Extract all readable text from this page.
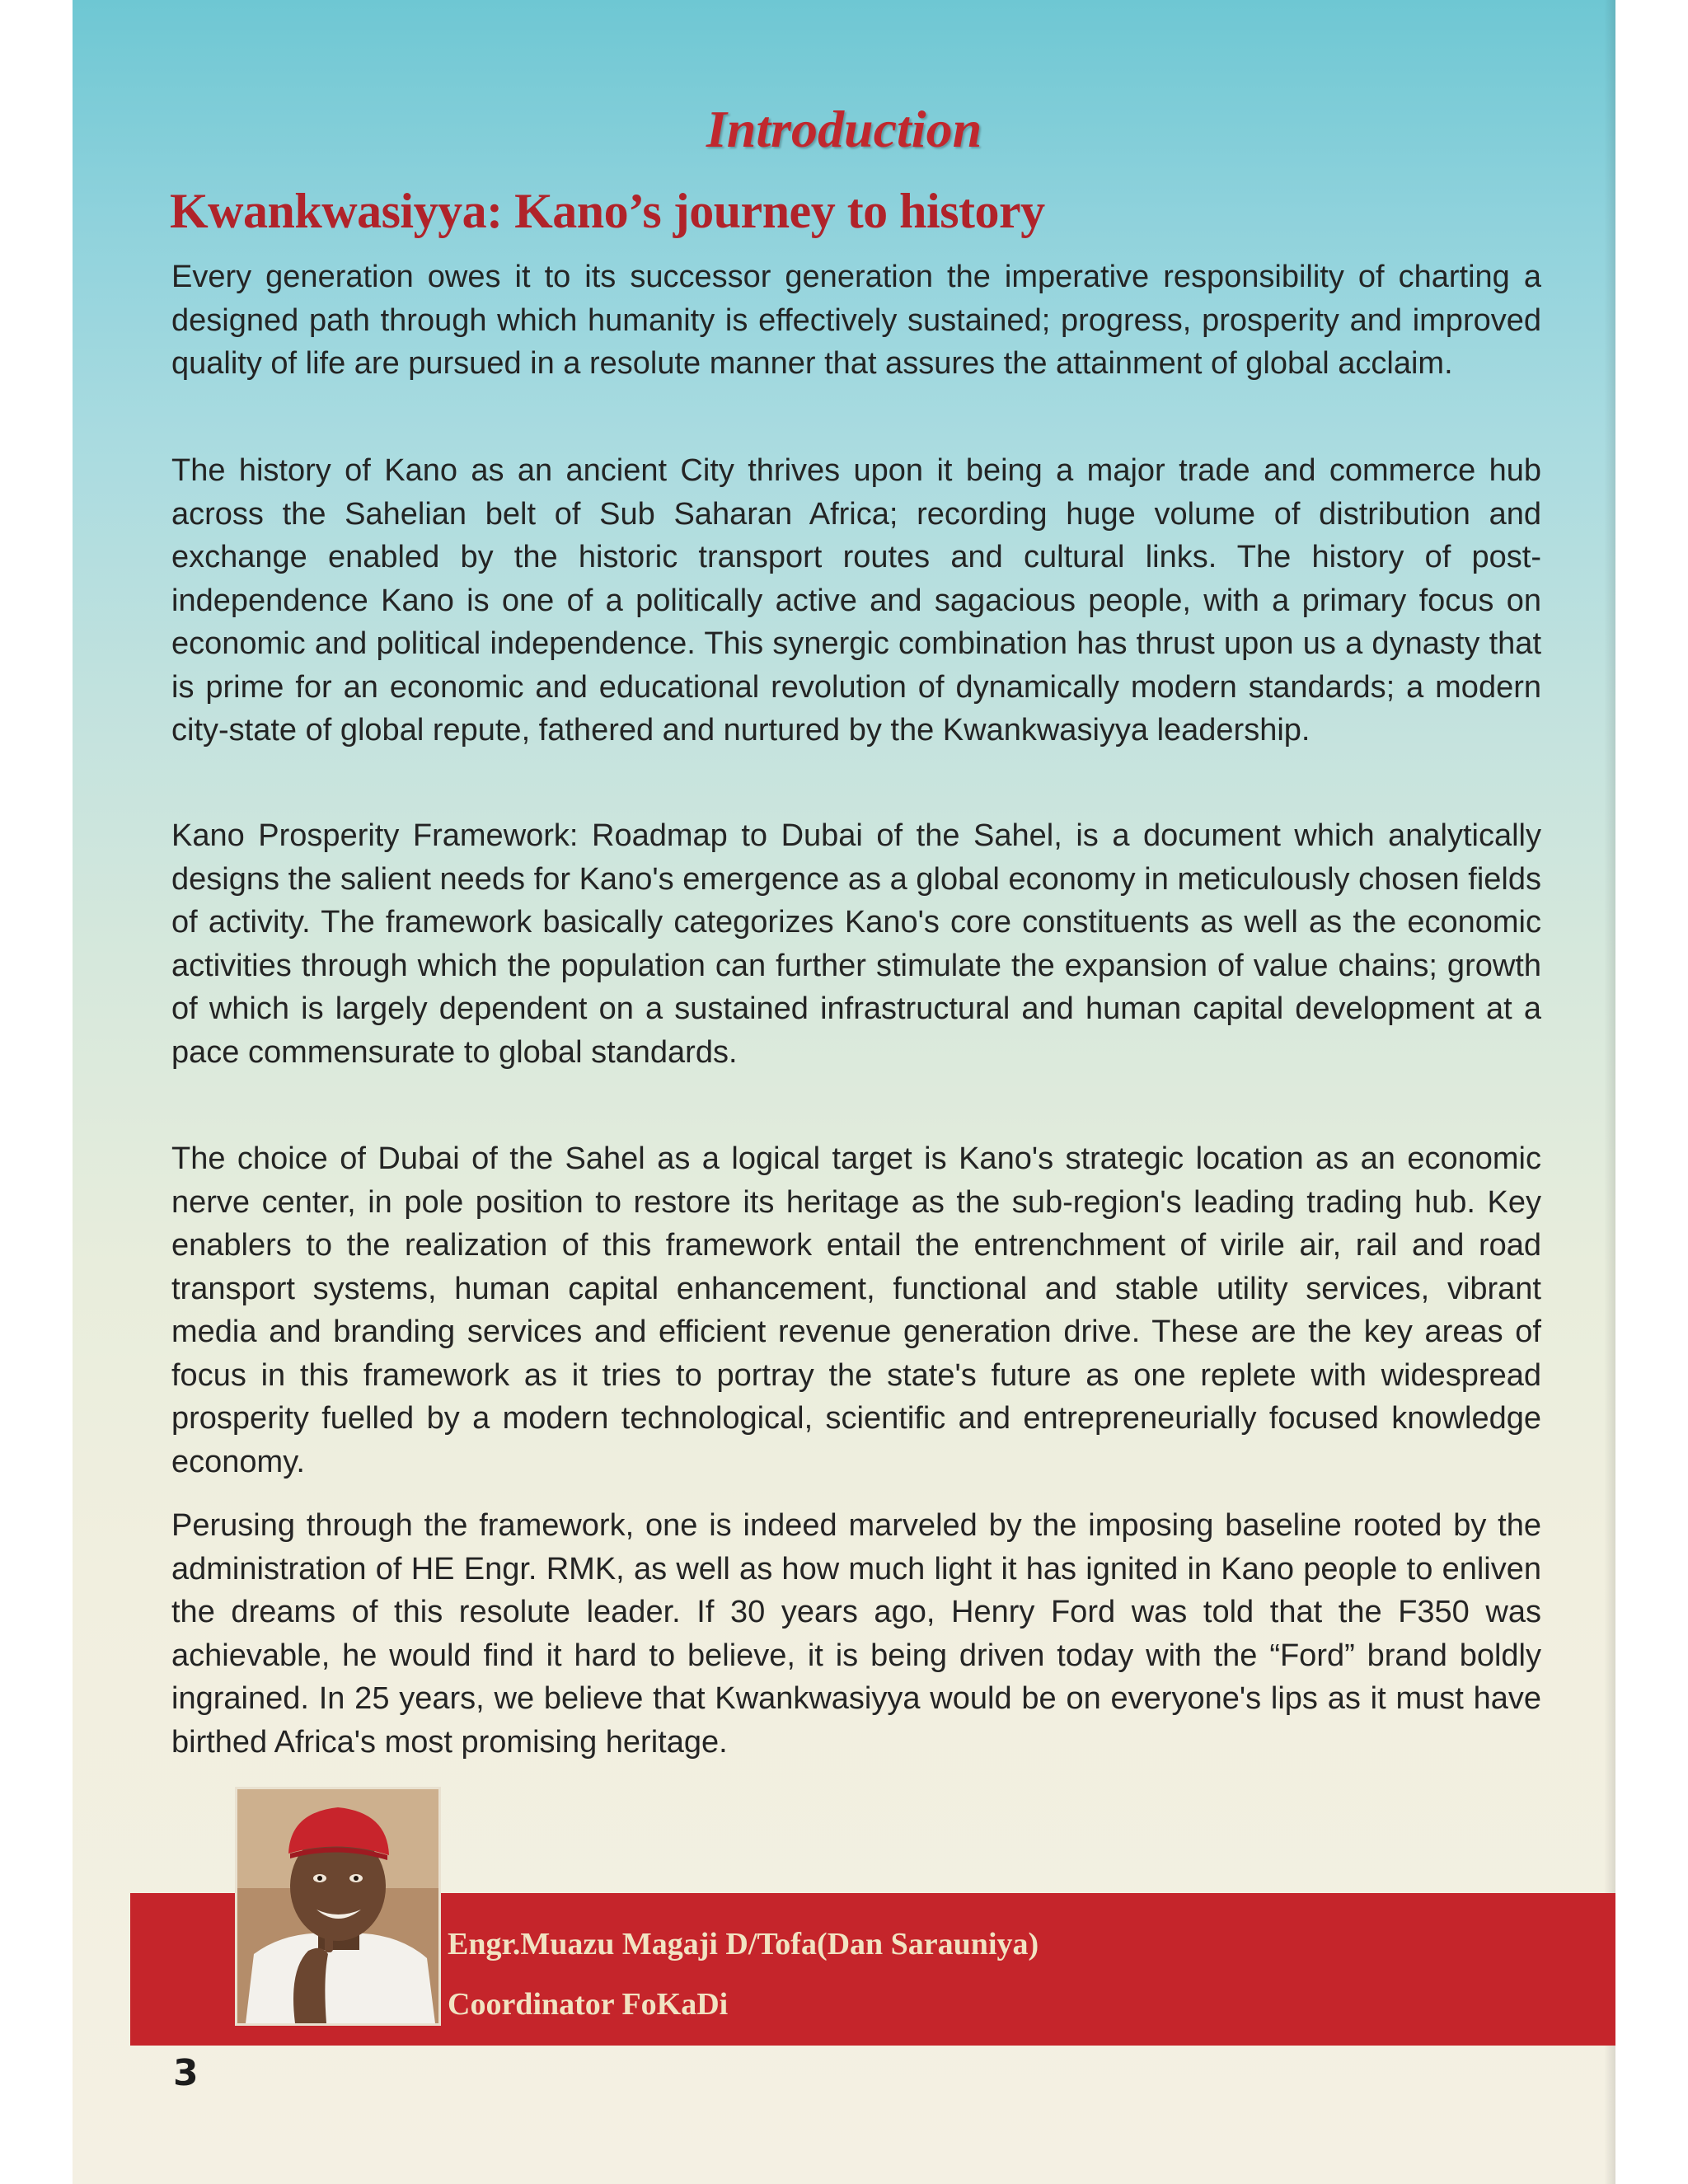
Introduction
Kwankwasiyya: Kano’s journey to history

Every generation owes it to its successor generation the imperative responsibility of charting a designed path through which humanity is effectively sustained; progress, prosperity and improved quality of life are pursued in a resolute manner that assures the attainment of global acclaim.

The history of Kano as an ancient City thrives upon it being a major trade and commerce hub across the Sahelian belt of Sub Saharan Africa; recording huge volume of distribution and exchange enabled by the historic transport routes and cultural links. The history of post-independence Kano is one of a politically active and sagacious people, with a primary focus on economic and political independence. This synergic combination has thrust upon us a dynasty that is prime for an economic and educational revolution of dynamically modern standards; a modern city-state of global repute, fathered and nurtured by the Kwankwasiyya leadership.

Kano Prosperity Framework: Roadmap to Dubai of the Sahel, is a document which analytically designs the salient needs for Kano's emergence as a global economy in meticulously chosen fields of activity. The framework basically categorizes Kano's core constituents as well as the economic activities through which the population can further stimulate the expansion of value chains; growth of which is largely dependent on a sustained infrastructural and human capital development at a pace commensurate to global standards.

The choice of Dubai of the Sahel as a logical target is Kano's strategic location as an economic nerve center, in pole position to restore its heritage as the sub-region's leading trading hub. Key enablers to the realization of this framework entail the entrenchment of virile air, rail and road transport systems, human capital enhancement, functional and stable utility services, vibrant media and branding services and efficient revenue generation drive. These are the key areas of focus in this framework as it tries to portray the state's future as one replete with widespread prosperity fuelled by a modern technological, scientific and entrepreneurially focused knowledge economy.

Perusing through the framework, one is indeed marveled by the imposing baseline rooted by the administration of HE Engr. RMK, as well as how much light it has ignited in Kano people to enliven the dreams of this resolute leader. If 30 years ago, Henry Ford was told that the F350 was achievable, he would find it hard to believe, it is being driven today with the “Ford” brand boldly ingrained. In 25 years, we believe that Kwankwasiyya would be on everyone's lips as it must have birthed Africa's most promising heritage.

Engr.Muazu Magaji D/Tofa(Dan Sarauniya)

Coordinator FoKaDi

3
